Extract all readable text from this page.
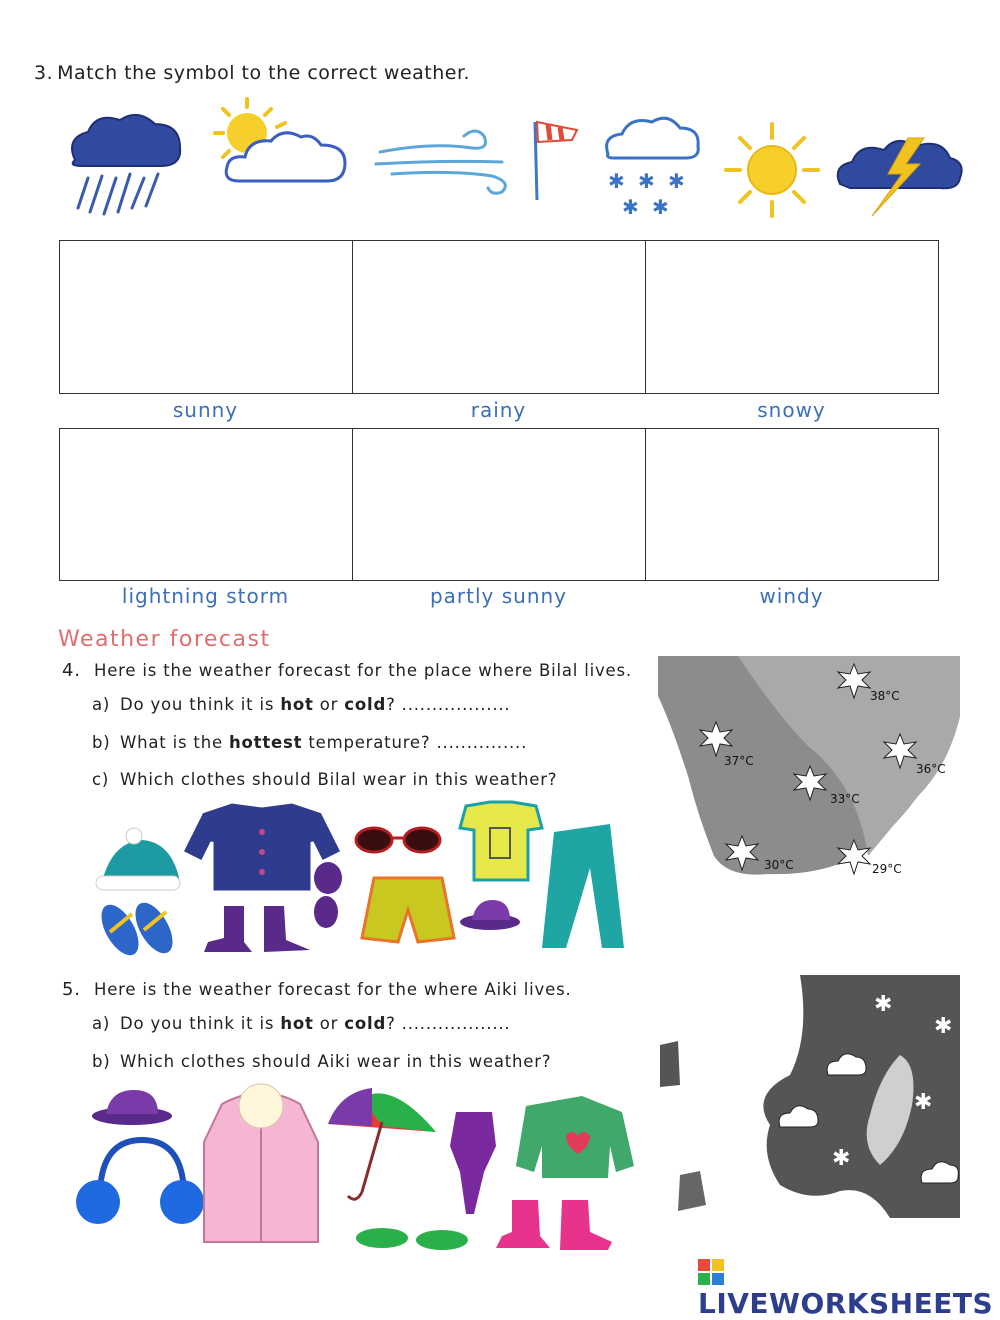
3. Match the symbol to the correct weather.
✱ ✱ ✱
✱ ✱
sunny	rainy	snowy
lightning storm	partly sunny	windy
Weather forecast
4. Here is the weather forecast for the place where Bilal lives.
a) Do you think it is hot or cold? ..................
b) What is the hottest temperature? ...............
c) Which clothes should Bilal wear in this weather?
38°C
37°C
36°C
33°C
30°C	29°C
5. Here is the weather forecast for the where Aiki lives.
a) Do you think it is hot or cold? ..................
b) Which clothes should Aiki wear in this weather?
✱
✱
✱
✱
LIVEWORKSHEETS
